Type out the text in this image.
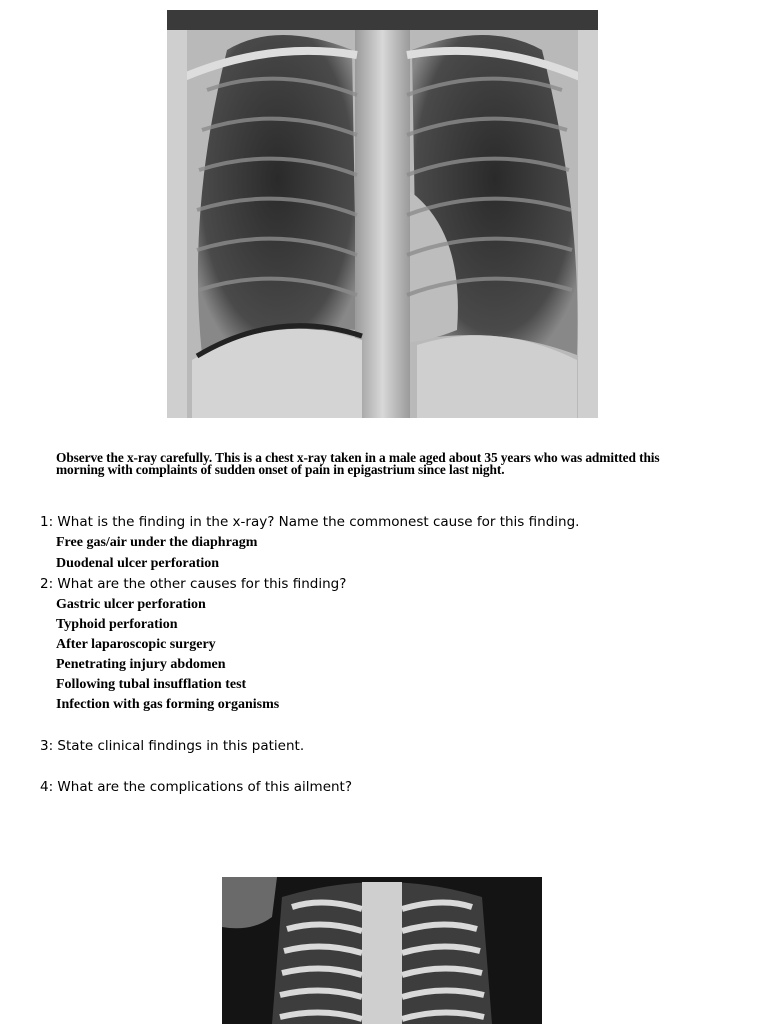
Observe the x-ray carefully. This is a chest x-ray taken in a male aged about 35 years who was admitted this morning with complaints of sudden onset of pain in epigastrium since last night.
1: What is the finding in the x-ray? Name the commonest cause for this finding.
Free gas/air under the diaphragm
Duodenal ulcer perforation
2: What are the other causes for this finding?
Gastric ulcer perforation
Typhoid perforation
After laparoscopic surgery
Penetrating injury abdomen
Following tubal insufflation test
Infection with gas forming organisms
3: State clinical findings in this patient.
4: What are the complications of this ailment?
